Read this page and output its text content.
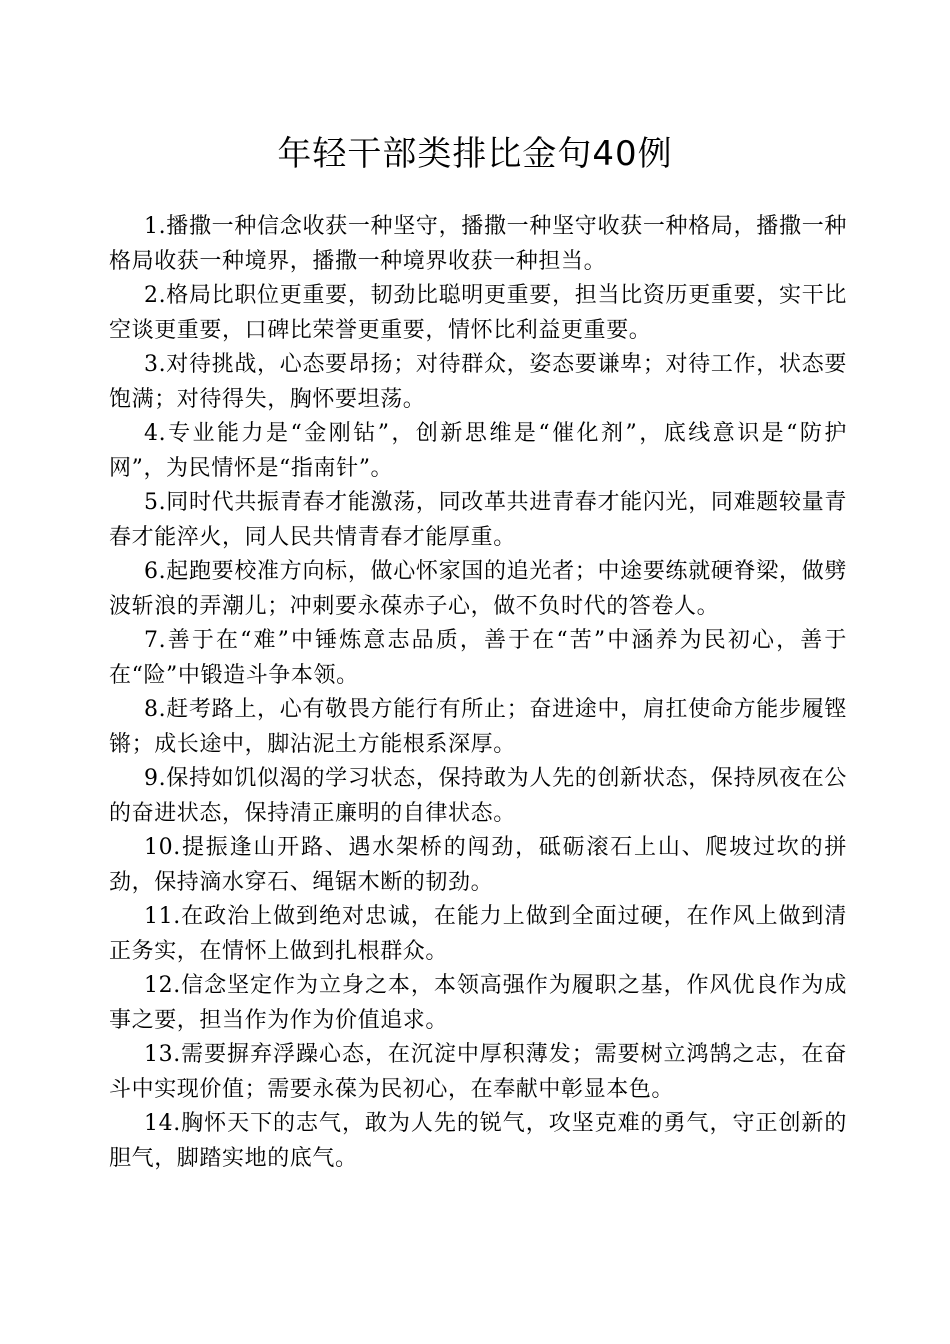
年轻干部类排比金句40例

1.播撒一种信念收获一种坚守，播撒一种坚守收获一种格局，播撒一种格局收获一种境界，播撒一种境界收获一种担当。

2.格局比职位更重要，韧劲比聪明更重要，担当比资历更重要，实干比空谈更重要，口碑比荣誉更重要，情怀比利益更重要。

3.对待挑战，心态要昂扬；对待群众，姿态要谦卑；对待工作，状态要饱满；对待得失，胸怀要坦荡。

4.专业能力是“金刚钻”，创新思维是“催化剂”，底线意识是“防护网”，为民情怀是“指南针”。

5.同时代共振青春才能激荡，同改革共进青春才能闪光，同难题较量青春才能淬火，同人民共情青春才能厚重。

6.起跑要校准方向标，做心怀家国的追光者；中途要练就硬脊梁，做劈波斩浪的弄潮儿；冲刺要永葆赤子心，做不负时代的答卷人。

7.善于在“难”中锤炼意志品质，善于在“苦”中涵养为民初心，善于在“险”中锻造斗争本领。

8.赶考路上，心有敬畏方能行有所止；奋进途中，肩扛使命方能步履铿锵；成长途中，脚沾泥土方能根系深厚。

9.保持如饥似渴的学习状态，保持敢为人先的创新状态，保持夙夜在公的奋进状态，保持清正廉明的自律状态。

10.提振逢山开路、遇水架桥的闯劲，砥砺滚石上山、爬坡过坎的拼劲，保持滴水穿石、绳锯木断的韧劲。

11.在政治上做到绝对忠诚，在能力上做到全面过硬，在作风上做到清正务实，在情怀上做到扎根群众。

12.信念坚定作为立身之本，本领高强作为履职之基，作风优良作为成事之要，担当作为作为价值追求。

13.需要摒弃浮躁心态，在沉淀中厚积薄发；需要树立鸿鹄之志，在奋斗中实现价值；需要永葆为民初心，在奉献中彰显本色。

14.胸怀天下的志气，敢为人先的锐气，攻坚克难的勇气，守正创新的胆气，脚踏实地的底气。
